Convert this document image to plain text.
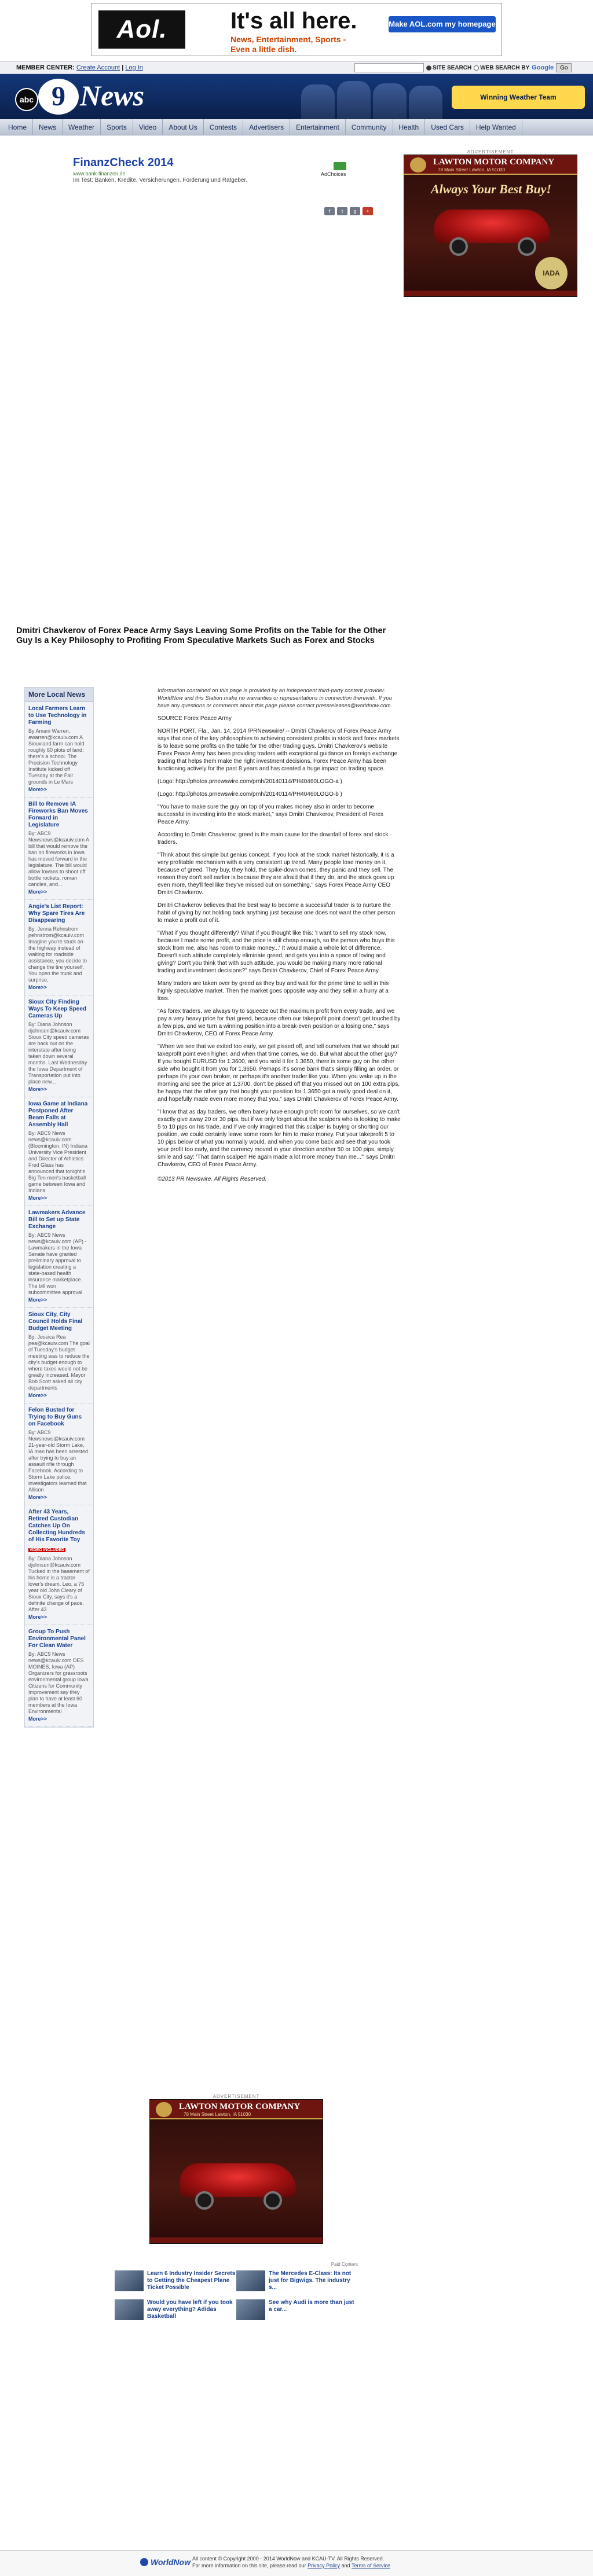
Aol.	It's all here.
News, Entertainment, Sports -
Even a little dish.
Make AOL.com my homepage
MEMBER CENTER: Create Account | Log In	SITE SEARCH WEB SEARCH BY Google	Go
abc 9 News	Winning Weather Team
Home	News	Weather	Sports	Video	About Us	Contests	Advertisers	Entertainment	Community	Health	Used Cars	Help Wanted
FinanzCheck 2014
www.bank-finanzen.de
Im Test: Banken, Kredite, Versicherungen. Förderung und Ratgeber.
AdChoices
f	t	g	+
Dmitri Chavkerov of Forex Peace Army Says Leaving Some Profits on the Table for the Other Guy Is a Key Philosophy to Profiting From Speculative Markets Such as Forex and Stocks
More Local News
Local Farmers Learn to Use Technology in Farming
By Amani Warren, awarren@kcauiv.com A Siouxland farm can hold roughly 60 plots of land; there's a school. The Precision Technology Institute kicked off Tuesday at the Fair grounds in Le Mars
More>>
Bill to Remove IA Fireworks Ban Moves Forward in Legislature
By: ABC9 Newsnews@kcauiv.com A bill that would remove the ban on fireworks in Iowa has moved forward in the legislature. The bill would allow Iowans to shoot off bottle rockets, roman candles, and...
More>>
Angie's List Report: Why Spare Tires Are Disappearing
By: Jenna Rehnstrom jrehnstrom@kcauiv.com Imagine you're stuck on the highway instead of waiting for roadside assistance, you decide to change the tire yourself. You open the trunk and surprise,
More>>
Sioux City Finding Ways To Keep Speed Cameras Up
By: Diana Johnson djohnson@kcauiv.com Sioux City speed cameras are back out on the interstate after being taken down several months. Last Wednesday the Iowa Department of Transportation put into place new...
More>>
Iowa Game at Indiana Postponed After Beam Falls at Assembly Hall
By: ABC9 News news@kcauiv.com (Bloomington, IN) Indiana University Vice President and Director of Athletics Fred Glass has announced that tonight's Big Ten men's basketball game between Iowa and Indiana
More>>
Lawmakers Advance Bill to Set up State Exchange
By: ABC9 News news@kcauiv.com (AP) - Lawmakers in the Iowa Senate have granted preliminary approval to legislation creating a state-based health insurance marketplace. The bill won subcommittee approval
More>>
Sioux City, City Council Holds Final Budget Meeting
By: Jessica Rea jrea@kcauiv.com The goal of Tuesday's budget meeting was to reduce the city's budget enough to where taxes would not be greatly increased. Mayor Bob Scott asked all city departments
More>>
Felon Busted for Trying to Buy Guns on Facebook
By: ABC9 Newsnews@kcauiv.com 21-year-old Storm Lake, IA man has been arrested after trying to buy an assault rifle through Facebook. According to Storm Lake police, investigators learned that Allison
More>>
After 43 Years, Retired Custodian Catches Up On Collecting Hundreds of His Favorite Toy
VIDEO INCLUDED
By: Diana Johnson djohnson@kcauiv.com Tucked in the basement of his home is a tractor lover's dream. Leo, a 75 year old John Cleary of Sioux City, says it's a definite change of pace. After 43
More>>
Group To Push Environmental Panel For Clean Water
By: ABC9 News news@kcauiv.com DES MOINES, Iowa (AP) Organizers for grassroots environmental group Iowa Citizens for Community Improvement say they plan to have at least 60 members at the Iowa Environmental
More>>
Information contained on this page is provided by an independent third-party content provider. WorldNow and this Station make no warranties or representations in connection therewith. If you have any questions or comments about this page please contact pressreleases@worldnow.com.

SOURCE Forex Peace Army

NORTH PORT, Fla., Jan. 14, 2014 /PRNewswire/ -- Dmitri Chavkerov of Forex Peace Army says that one of the key philosophies to achieving consistent profits in stock and forex markets is to leave some profits on the table for the other trading guys. Dmitri Chavkerov's website Forex Peace Army has been providing traders with exceptional guidance on foreign exchange trading that helps them make the right investment decisions. Forex Peace Army has been functioning actively for the past 8 years and has created a huge impact on trading space.

(Logo: http://photos.prnewswire.com/prnh/20140114/PH40460LOGO-a )

(Logo: http://photos.prnewswire.com/prnh/20140114/PH40460LOGO-b )

"You have to make sure the guy on top of you makes money also in order to become successful in investing into the stock market," says Dmitri Chavkerov, President of Forex Peace Army.

According to Dmitri Chavkerov, greed is the main cause for the downfall of forex and stock traders.

"Think about this simple but genius concept. If you look at the stock market historically, it is a very profitable mechanism with a very consistent up trend. Many people lose money on it, because of greed. They buy, they hold, the spike-down comes, they panic and they sell. The reason they don't sell earlier is because they are afraid that if they do, and the stock goes up even more, they'll feel like they've missed out on something," says Forex Peace Army CEO Dmitri Chavkerov.

Dmitri Chavkerov believes that the best way to become a successful trader is to nurture the habit of giving by not holding back anything just because one does not want the other person to make a profit out of it.

"What if you thought differently? What if you thought like this: 'I want to sell my stock now, because I made some profit, and the price is still cheap enough, so the person who buys this stock from me, also has room to make money...' It would make a whole lot of difference. Doesn't such attitude completely eliminate greed, and gets you into a space of loving and giving? Don't you think that with such attitude, you would be making many more rational trading and investment decisions?" says Dmitri Chavkerov, Chief of Forex Peace Army.

Many traders are taken over by greed as they buy and wait for the prime time to sell in this highly speculative market. Then the market goes opposite way and they sell in a hurry at a loss.

"As forex traders, we always try to squeeze out the maximum profit from every trade, and we pay a very heavy price for that greed, because often our takeprofit point doesn't get touched by a few pips, and we turn a winning position into a break-even position or a losing one," says Dmitri Chavkerov, CEO of Forex Peace Army.

"When we see that we exited too early, we get pissed off, and tell ourselves that we should put takeprofit point even higher, and when that time comes, we do. But what about the other guy? If you bought EURUSD for 1.3600, and you sold it for 1.3650, there is some guy on the other side who bought it from you for 1.3650. Perhaps it's some bank that's simply filling an order, or perhaps it's your own broker, or perhaps it's another trader like you. When you wake up in the morning and see the price at 1.3700, don't be pissed off that you missed out on 100 extra pips, be happy that the other guy that bought your position for 1.3650 got a really good deal on it, and hopefully made even more money that you," says Dmitri Chavkerov of Forex Peace Army.

"I know that as day traders, we often barely have enough profit room for ourselves, so we can't exactly give away 20 or 30 pips, but if we only forget about the scalpers who is looking to make 5 to 10 pips on his trade, and if we only imagined that this scalper is buying or shorting our position, we could certainly leave some room for him to make money. Put your takeprofit 5 to 10 pips below of what you normally would, and when you come back and see that you took your profit too early, and the currency moved in your direction another 50 or 100 pips, simply smile and say: 'That damn scalper! He again made a lot more money than me...'" says Dmitri Chavkerov, CEO of Forex Peace Army.

©2013 PR Newswire. All Rights Reserved.
ADVERTISEMENT
LAWTON MOTOR COMPANY
78 Main Street Lawton, IA 51030
Always Your Best Buy!
IADA
ADVERTISEMENT
LAWTON MOTOR COMPANY
78 Main Street Lawton, IA 51030
Paid Content
Learn 6 Industry Insider Secrets to Getting the Cheapest Plane Ticket Possible
The Mercedes E-Class: Its not just for Bigwigs. The industry s...
Would you have left if you took away everything? Adidas Basketball
See why Audi is more than just a car...
WorldNow All content © Copyright 2000 - 2014 WorldNow and KCAU-TV. All Rights Reserved.
For more information on this site, please read our Privacy Policy and Terms of Service
